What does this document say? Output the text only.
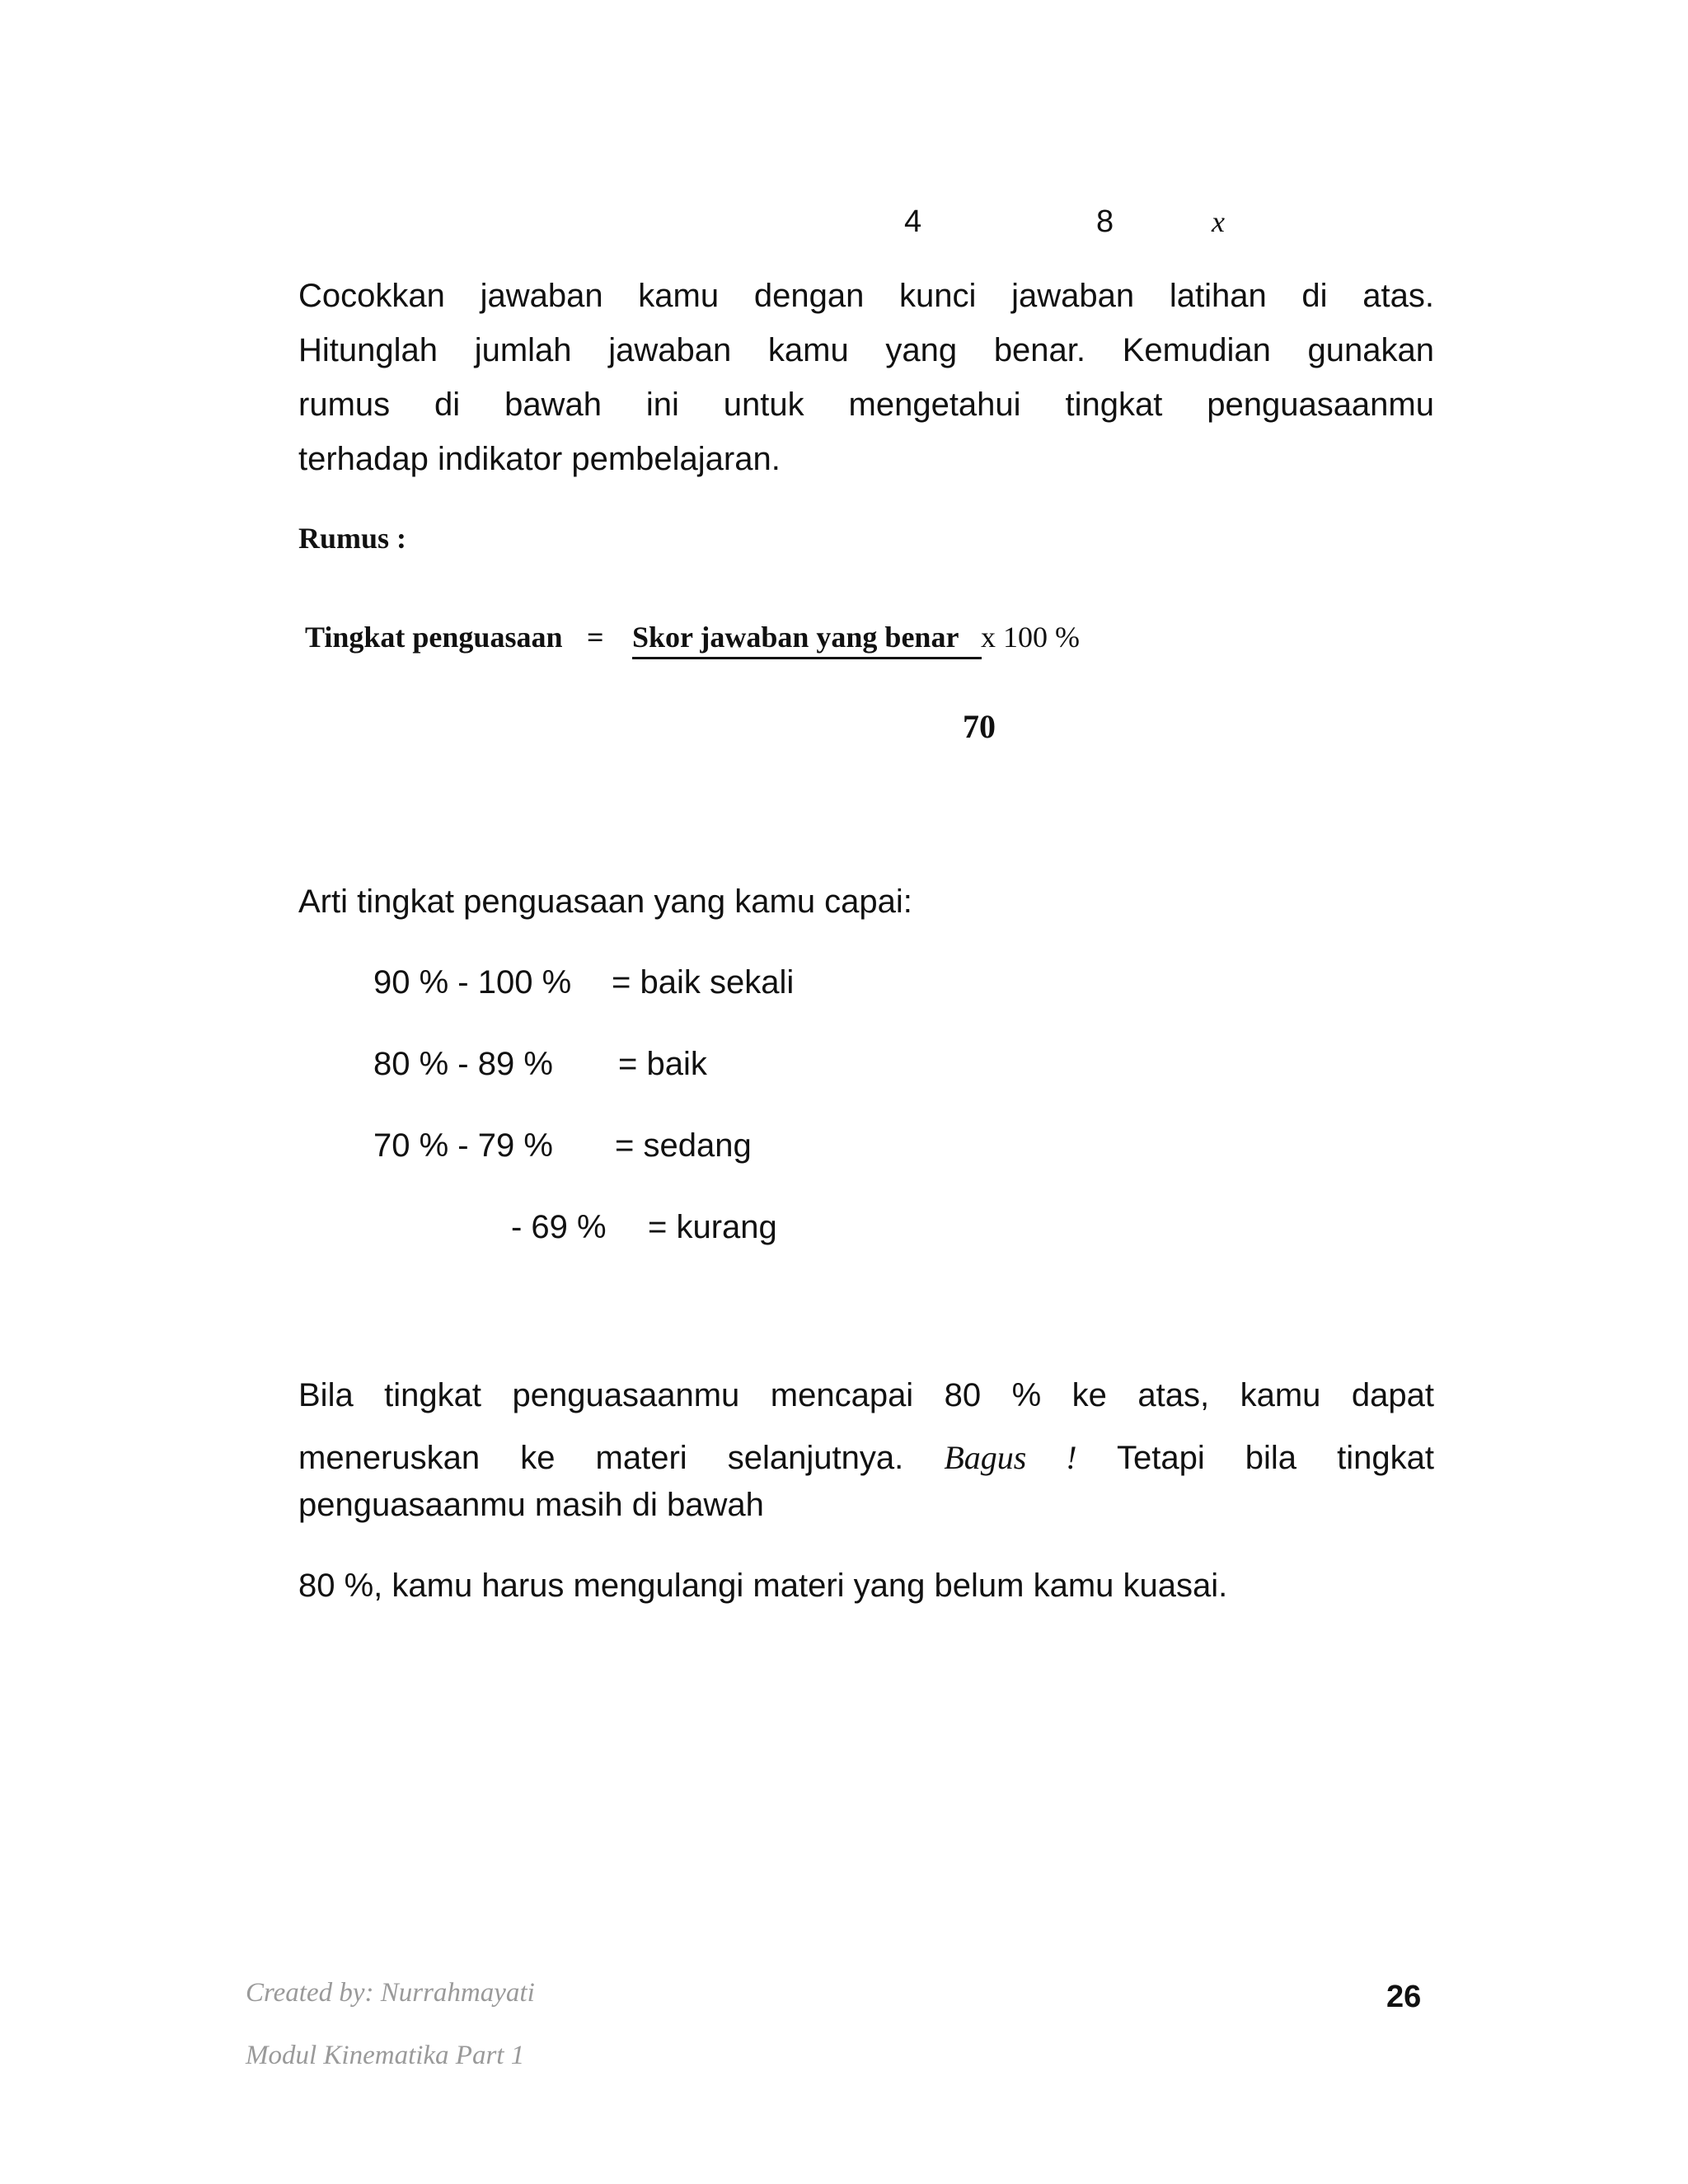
4	8	x
Cocokkan jawaban kamu dengan kunci jawaban latihan di atas.
Hitunglah jumlah jawaban kamu yang benar. Kemudian gunakan
rumus di bawah ini untuk mengetahui tingkat penguasaanmu
terhadap indikator pembelajaran.
Rumus :
Tingkat penguasaan = Skor jawaban yang benar x 100 %
70
Arti tingkat penguasaan yang kamu capai:
90 % - 100 % = baik sekali
80 % - 89 % = baik
70 % - 79 % = sedang
- 69 % = kurang
Bila tingkat penguasaanmu mencapai 80 % ke atas, kamu dapat
meneruskan ke materi selanjutnya. Bagus ! Tetapi bila tingkat
penguasaanmu masih di bawah
80 %, kamu harus mengulangi materi yang belum kamu kuasai.
Created by: Nurrahmayati
Modul Kinematika Part 1
26
